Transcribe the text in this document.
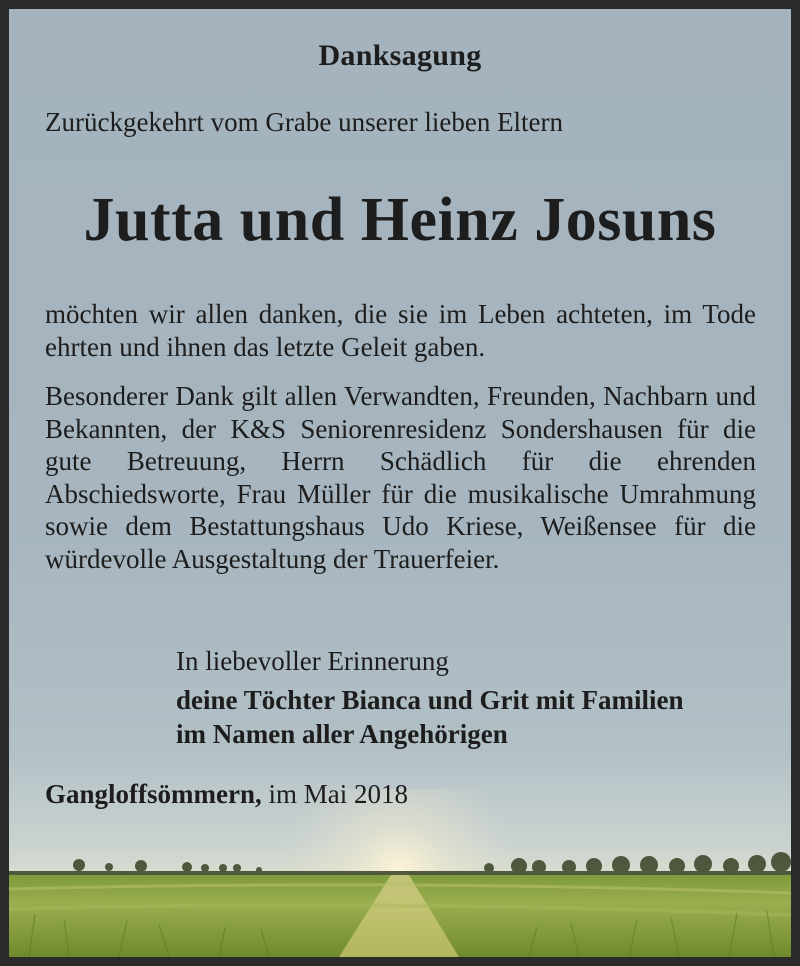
Danksagung
Zurückgekehrt vom Grabe unserer lieben Eltern
Jutta und Heinz Josuns
möchten wir allen danken, die sie im Leben achteten, im Tode ehrten und ihnen das letzte Geleit gaben.
Besonderer Dank gilt allen Verwandten, Freunden, Nachbarn und Bekannten, der K&S Seniorenresidenz Sondershausen für die gute Betreuung, Herrn Schädlich für die ehrenden Abschiedsworte, Frau Müller für die musikalische Umrahmung sowie dem Bestattungshaus Udo Kriese, Weißensee für die würdevolle Ausgestaltung der Trauerfeier.
In liebevoller Erinnerung
deine Töchter Bianca und Grit mit Familien
im Namen aller Angehörigen
Gangloffsömmern, im Mai 2018
